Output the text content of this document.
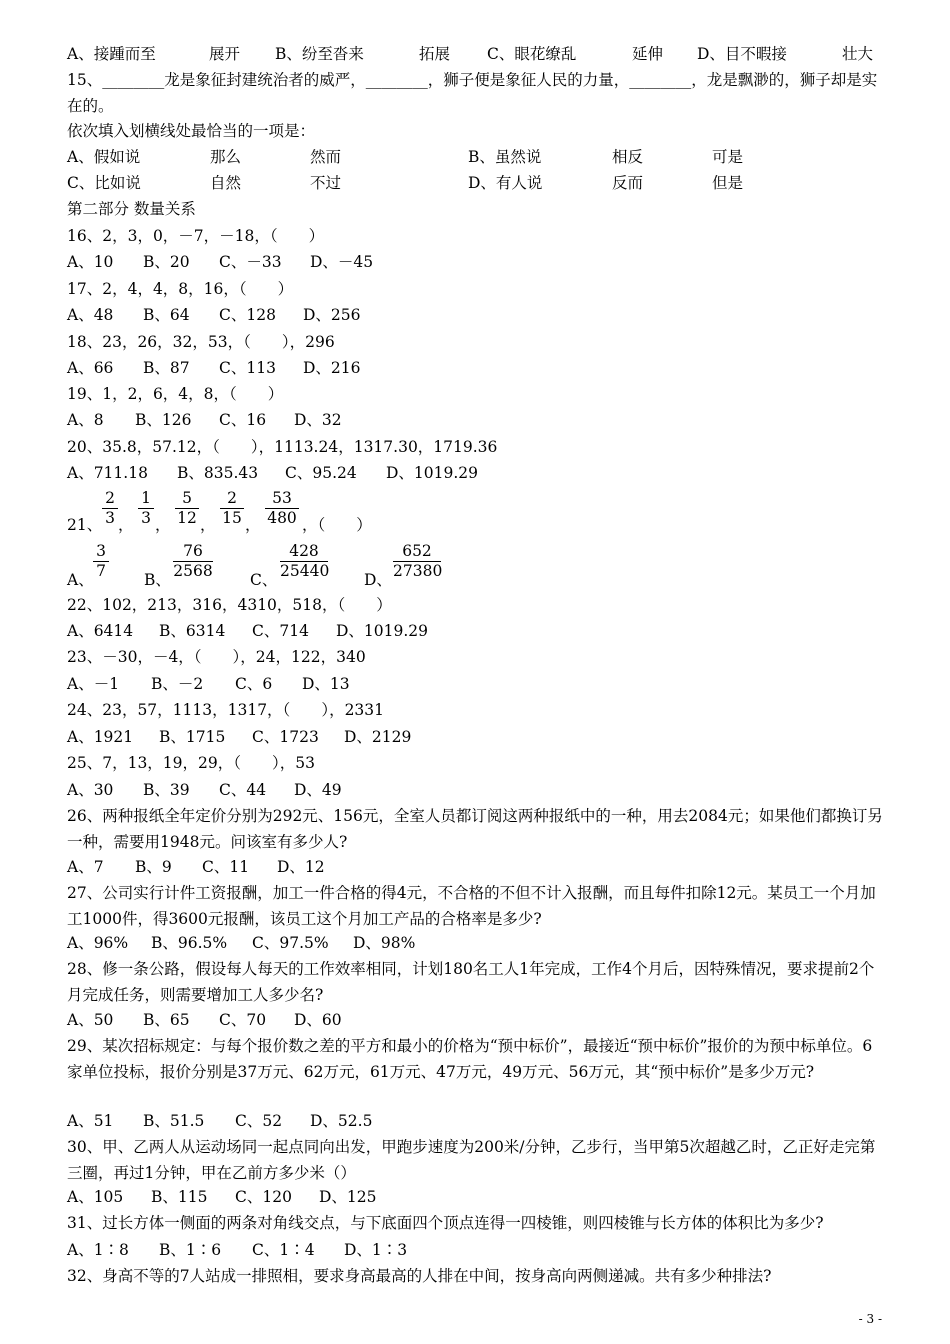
A、接踵而至	展开 B、纷至沓来	拓展 C、眼花缭乱	延伸 D、目不暇接	壮大
15、________龙是象征封建统治者的威严，________，狮子便是象征人民的力量，________，龙是飘渺的，狮子却是实在的。
依次填入划横线处最恰当的一项是：
A、假如说	那么	然而	B、虽然说	相反	可是
C、比如说	自然	不过	D、有人说	反而	但是
第二部分 数量关系
16、2，3，0，－7，－18，（　　）
A、10 B、20 C、－33 D、－45
17、2，4，4，8，16，（　　）
A、48 B、64 C、128 D、256
18、23，26，32，53，（　　），296
A、66 B、87 C、113 D、216
19、1，2，6，4，8，（　　）
A、8 B、126 C、16 D、32
20、35.8，57.12，（　　），1113.24，1317.30，1719.36
A、711.18 B、835.43 C、95.24 D、1019.29
21、
2
3 ，
1
3 ，
5
12 ，
2
15 ，
53
480 ，（　　）
A、
3
7 B、
76
2568 C、
428
25440 D、
652
27380
22、102，213，316，4310，518，（　　）
A、6414 B、6314 C、714 D、1019.29
23、－30，－4，（　　），24，122，340
A、－1 B、－2 C、6 D、13
24、23，57，1113，1317，（　　），2331
A、1921 B、1715 C、1723 D、2129
25、7，13，19，29，（　　），53
A、30 B、39 C、44 D、49
26、两种报纸全年定价分别为292元、156元，全室人员都订阅这两种报纸中的一种，用去2084元；如果他们都换订另一种，需要用1948元。问该室有多少人?
A、7 B、9 C、11 D、12
27、公司实行计件工资报酬，加工一件合格的得4元，不合格的不但不计入报酬，而且每件扣除12元。某员工一个月加工1000件，得3600元报酬，该员工这个月加工产品的合格率是多少?
A、96% B、96.5% C、97.5% D、98%
28、修一条公路，假设每人每天的工作效率相同，计划180名工人1年完成，工作4个月后，因特殊情况，要求提前2个月完成任务，则需要增加工人多少名?
A、50 B、65 C、70 D、60
29、某次招标规定：与每个报价数之差的平方和最小的价格为“预中标价”，最接近“预中标价”报价的为预中标单位。6家单位投标，报价分别是37万元、62万元，61万元、47万元，49万元、56万元，其“预中标价”是多少万元?
A、51 B、51.5 C、52 D、52.5
30、甲、乙两人从运动场同一起点同向出发，甲跑步速度为200米/分钟，乙步行，当甲第5次超越乙时，乙正好走完第三圈，再过1分钟，甲在乙前方多少米（）
A、105 B、115 C、120 D、125
31、过长方体一侧面的两条对角线交点，与下底面四个顶点连得一四棱锥，则四棱锥与长方体的体积比为多少?
A、1∶8 B、1∶6 C、1∶4 D、1∶3
32、身高不等的7人站成一排照相，要求身高最高的人排在中间，按身高向两侧递减。共有多少种排法?
- 3 -
